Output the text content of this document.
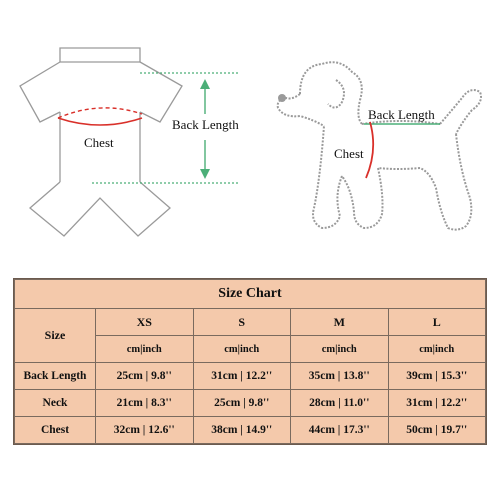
Back Length
Chest
Back Length
Chest
Size Chart				
Size	XS	S	M	L
	cm|inch	cm|inch	cm|inch	cm|inch
Back Length	25cm | 9.8''	31cm | 12.2''	35cm | 13.8''	39cm | 15.3''
Neck	21cm | 8.3''	25cm | 9.8''	28cm | 11.0''	31cm | 12.2''
Chest	32cm | 12.6''	38cm | 14.9''	44cm | 17.3''	50cm | 19.7''
